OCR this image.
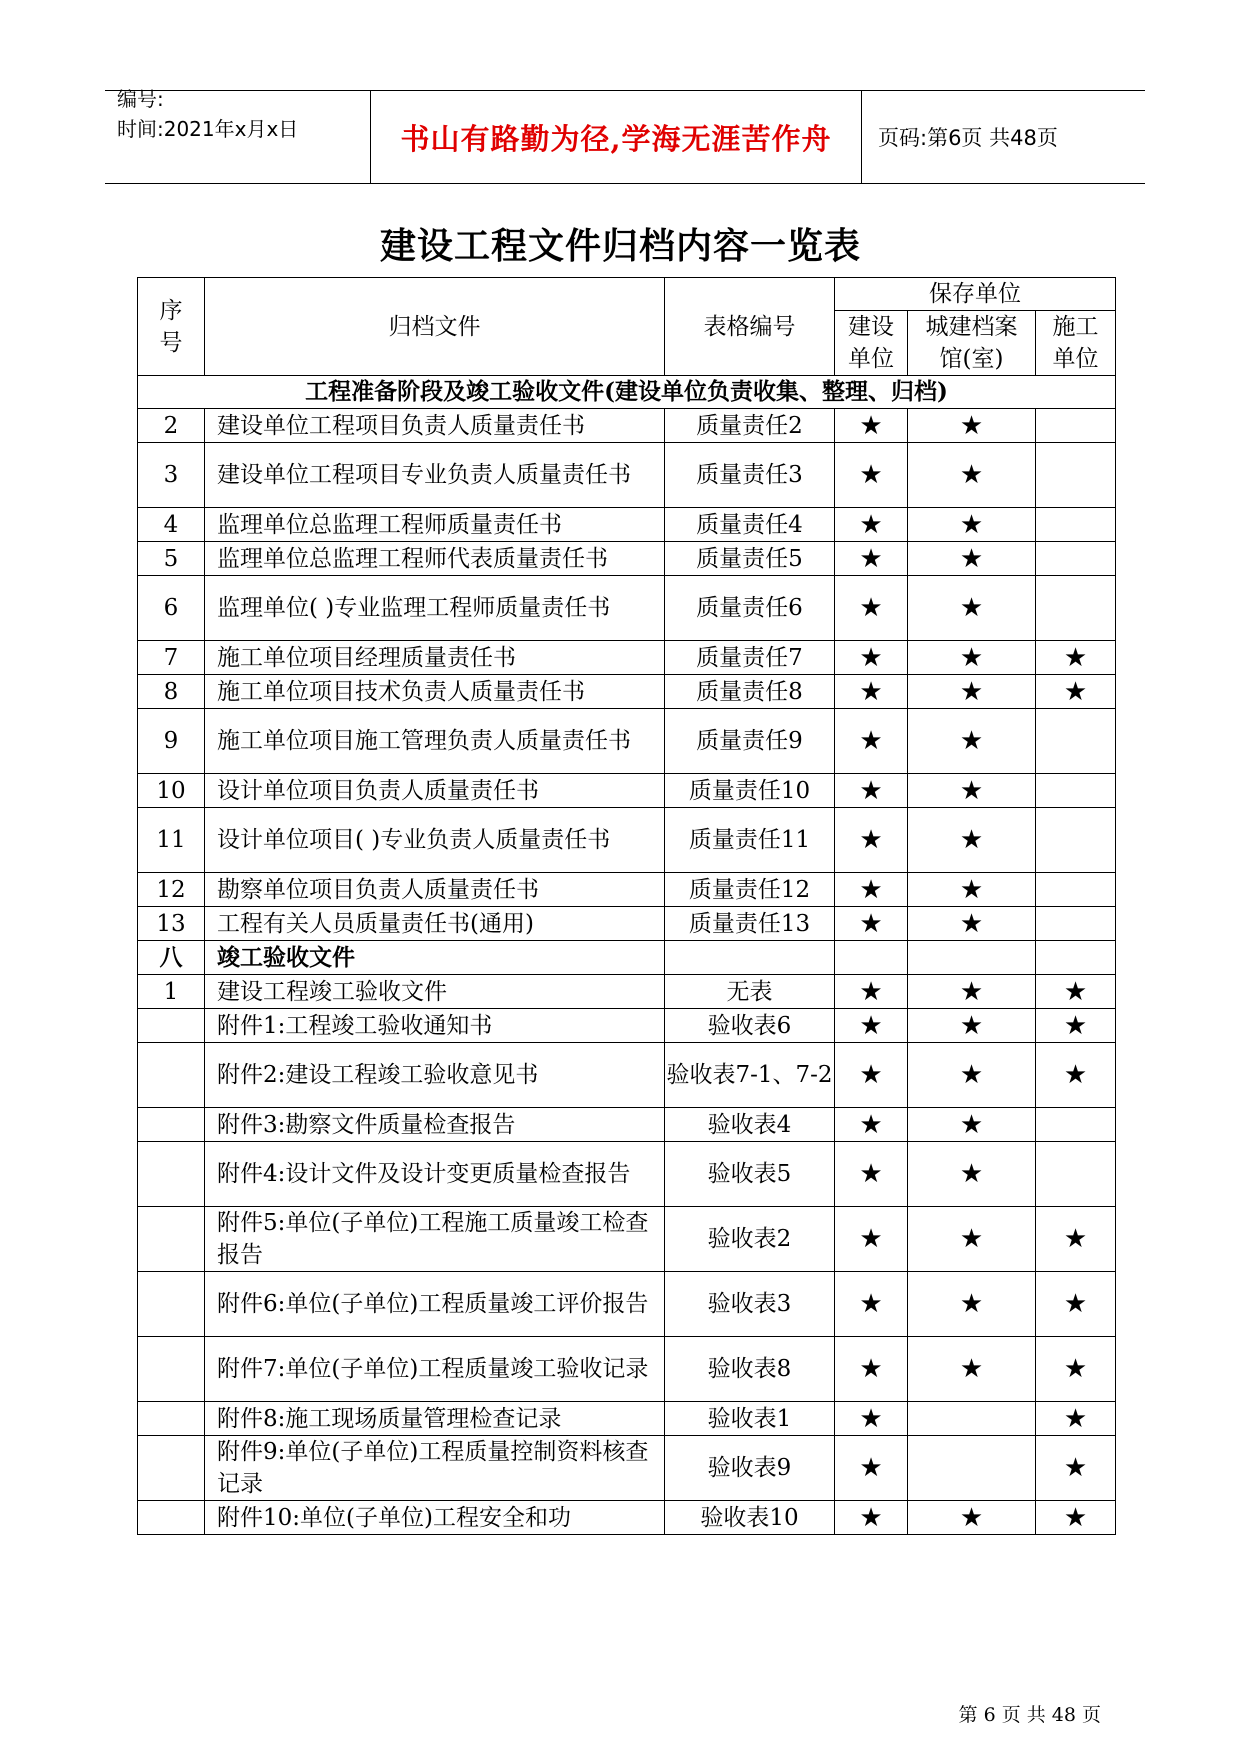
编号:
时间:2021年x月x日	书山有路勤为径,学海无涯苦作舟	页码:第6页 共48页
建设工程文件归档内容一览表
序号	归档文件	表格编号	保存单位		
			建设单位	城建档案馆(室)	施工单位
工程准备阶段及竣工验收文件(建设单位负责收集、整理、归档)					
2	建设单位工程项目负责人质量责任书	质量责任2	★	★	
3	建设单位工程项目专业负责人质量责任书	质量责任3	★	★	
4	监理单位总监理工程师质量责任书	质量责任4	★	★	
5	监理单位总监理工程师代表质量责任书	质量责任5	★	★	
6	监理单位( )专业监理工程师质量责任书	质量责任6	★	★	
7	施工单位项目经理质量责任书	质量责任7	★	★	★
8	施工单位项目技术负责人质量责任书	质量责任8	★	★	★
9	施工单位项目施工管理负责人质量责任书	质量责任9	★	★	
10	设计单位项目负责人质量责任书	质量责任10	★	★	
11	设计单位项目( )专业负责人质量责任书	质量责任11	★	★	
12	勘察单位项目负责人质量责任书	质量责任12	★	★	
13	工程有关人员质量责任书(通用)	质量责任13	★	★	
八	竣工验收文件				
1	建设工程竣工验收文件	无表	★	★	★
	附件1:工程竣工验收通知书	验收表6	★	★	★
	附件2:建设工程竣工验收意见书	验收表7-1、7-2	★	★	★
	附件3:勘察文件质量检查报告	验收表4	★	★	
	附件4:设计文件及设计变更质量检查报告	验收表5	★	★	
	附件5:单位(子单位)工程施工质量竣工检查报告	验收表2	★	★	★
	附件6:单位(子单位)工程质量竣工评价报告	验收表3	★	★	★
	附件7:单位(子单位)工程质量竣工验收记录	验收表8	★	★	★
	附件8:施工现场质量管理检查记录	验收表1	★		★
	附件9:单位(子单位)工程质量控制资料核查记录	验收表9	★		★
	附件10:单位(子单位)工程安全和功	验收表10	★	★	★
第 6 页 共 48 页
